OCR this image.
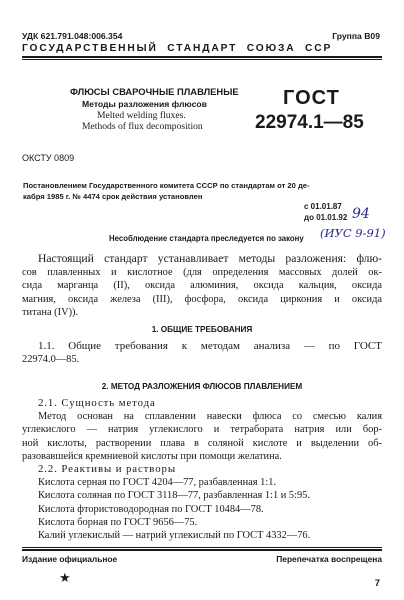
УДК 621.791.048:006.354	Группа В09
ГОСУДАРСТВЕННЫЙ  СТАНДАРТ  СОЮЗА  ССР
ФЛЮСЫ СВАРОЧНЫЕ ПЛАВЛЕНЫЕ
Методы разложения флюсов
Melted welding fluxes.
Methods of flux decomposition
ГОСТ
22974.1—85
ОКСТУ 0809
Постановлением Государственного комитета СССР по стандартам от 20 де-
кабря 1985 г. № 4474 срок действия установлен
с 01.01.87
до 01.01.92 94
(ИУС 9-91)
Несоблюдение стандарта преследуется по закону
Настоящий стандарт устанавливает методы разложения: флю-
сов плавленных и кислотное (для определения массовых долей ок-
сида марганца (II), оксида алюминия, оксида кальция, оксида
магния, оксида железа (III), фосфора, оксида циркония и оксида
титана (IV)).
1. ОБЩИЕ ТРЕБОВАНИЯ
1.1. Общие требования к методам анализа — по ГОСТ
22974.0—85.
2. МЕТОД РАЗЛОЖЕНИЯ ФЛЮСОВ ПЛАВЛЕНИЕМ
2.1. Сущность метода
Метод основан на сплавлении навески флюса со смесью калия
углекислого — натрия углекислого и тетрабората натрия или бор-
ной кислоты, растворении плава в соляной кислоте и выделении об-
разовавшейся кремниевой кислоты при помощи желатина.
2.2. Реактивы и растворы
Кислота серная по ГОСТ 4204—77, разбавленная 1:1.
Кислота соляная по ГОСТ 3118—77, разбавленная 1:1 и 5:95.
Кислота фтористоводородная по ГОСТ 10484—78.
Кислота борная по ГОСТ 9656—75.
Калий углекислый — натрий углекислый по ГОСТ 4332—76.
Издание официальное	Перепечатка воспрещена
★	7
